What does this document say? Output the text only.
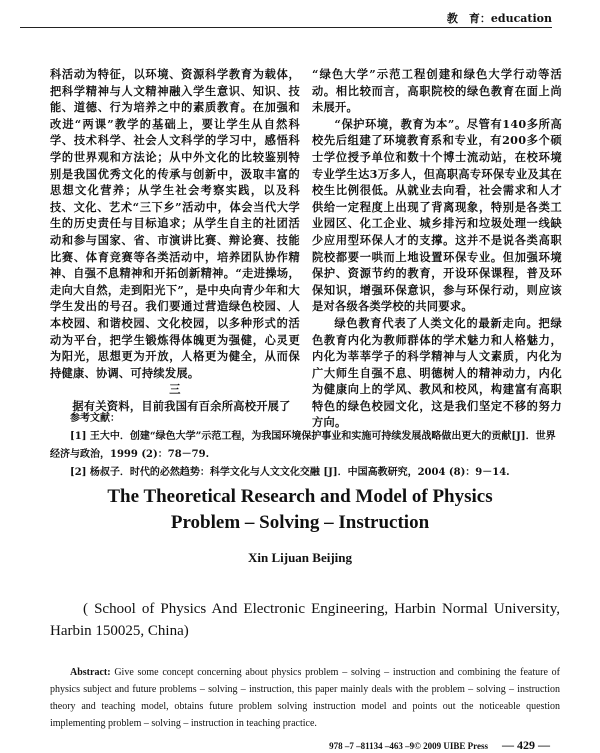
教　育：education

科活动为特征，以环境、资源科学教育为载体，把科学精神与人文精神融入学生意识、知识、技能、道德、行为培养之中的素质教育。在加强和改进“两课”教学的基础上，要让学生从自然科学、技术科学、社会人文科学的学习中，感悟科学的世界观和方法论；从中外文化的比较鉴别特别是我国优秀文化的传承与创新中，汲取丰富的思想文化营养；从学生社会考察实践，以及科技、文化、艺术“三下乡”活动中，体会当代大学生的历史责任与目标追求；从学生自主的社团活动和参与国家、省、市演讲比赛、辩论赛、技能比赛、体育竞赛等各类活动中，培养团队协作精神、自强不息精神和开拓创新精神。“走进操场，走向大自然，走到阳光下”，是中央向青少年和大学生发出的号召。我们要通过营造绿色校园、人本校园、和谐校园、文化校园，以多种形式的活动为平台，把学生锻炼得体魄更为强健，心灵更为阳光，思想更为开放，人格更为健全，从而保持健康、协调、可持续发展。

三

据有关资料，目前我国有百余所高校开展了

“绿色大学”示范工程创建和绿色大学行动等活动。相比较而言，高职院校的绿色教育在面上尚未展开。

“保护环境，教育为本”。尽管有140多所高校先后组建了环境教育系和专业，有200多个硕士学位授予单位和数十个博士流动站，在校环境专业学生达3万多人，但高职高专环保专业及其在校生比例很低。从就业去向看，社会需求和人才供给一定程度上出现了背离现象，特别是各类工业园区、化工企业、城乡排污和垃圾处理一线缺少应用型环保人才的支撑。这并不是说各类高职院校都要一哄而上地设置环保专业。但加强环境保护、资源节约的教育，开设环保课程，普及环保知识，增强环保意识，参与环保行动，则应该是对各级各类学校的共同要求。

绿色教育代表了人类文化的最新走向。把绿色教育内化为教师群体的学术魅力和人格魅力，内化为莘莘学子的科学精神与人文素质，内化为广大师生自强不息、明德树人的精神动力，内化为健康向上的学风、教风和校风，构建富有高职特色的绿色校园文化，这是我们坚定不移的努力方向。

参考文献：

[1] 王大中．创建“绿色大学”示范工程，为我国环境保护事业和实施可持续发展战略做出更大的贡献[J]．世界经济与政治，1999 (2)：78－79.

[2] 杨叔子．时代的必然趋势：科学文化与人文文化交融 [J]．中国高教研究，2004 (8)：9－14.

The Theoretical Research and Model of Physics
Problem – Solving – Instruction
Xin Lijuan Beijing
( School of Physics And Electronic Engineering, Harbin Normal University, Harbin 150025, China)
Abstract: Give some concept concerning about physics problem – solving – instruction and combining the feature of physics subject and future problems – solving – instruction, this paper mainly deals with the problem – solving – instruction theory and teaching model, obtains future problem solving instruction model and points out the noticeable question implementing problem – solving – instruction in teaching practice.
978 –7 –81134 –463 –9© 2009 UIBE Press — 429 —
